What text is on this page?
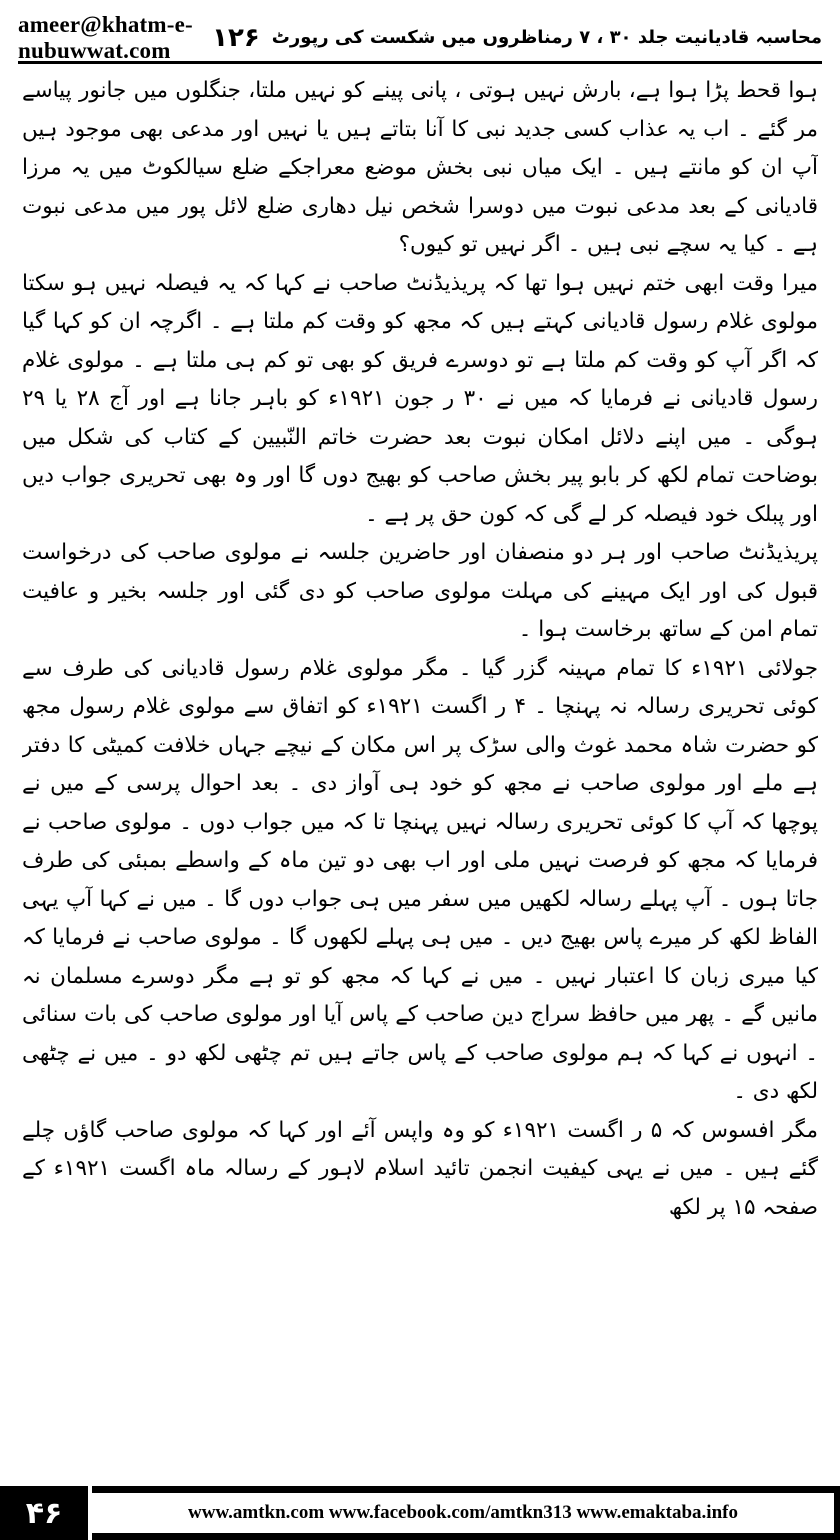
ameer@khatm-e-nubuwwat.com	۱۲۶ محاسبہ قادیانیت جلد ۳۰ ، ۷ رمناظروں میں شکست کی رپورٹ

ہوا قحط پڑا ہوا ہے، بارش نہیں ہوتی ، پانی پینے کو نہیں ملتا، جنگلوں میں جانور پیاسے مر گئے ۔ اب یہ عذاب کسی جدید نبی کا آنا بتاتے ہیں یا نہیں اور مدعی بھی موجود ہیں آپ ان کو مانتے ہیں ۔ ایک میاں نبی بخش موضع معراجکے ضلع سیالکوٹ میں یہ مرزا قادیانی کے بعد مدعی نبوت میں دوسرا شخص نیل دھاری ضلع لائل پور میں مدعی نبوت ہے ۔ کیا یہ سچے نبی ہیں ۔ اگر نہیں تو کیوں؟

میرا وقت ابھی ختم نہیں ہوا تھا کہ پریذیڈنٹ صاحب نے کہا کہ یہ فیصلہ نہیں ہو سکتا مولوی غلام رسول قادیانی کہتے ہیں کہ مجھ کو وقت کم ملتا ہے ۔ اگرچہ ان کو کہا گیا کہ اگر آپ کو وقت کم ملتا ہے تو دوسرے فریق کو بھی تو کم ہی ملتا ہے ۔ مولوی غلام رسول قادیانی نے فرمایا کہ میں نے ۳۰ ر جون ۱۹۲۱ء کو باہر جانا ہے اور آج ۲۸ یا ۲۹ ہوگی ۔ میں اپنے دلائل امکان نبوت بعد حضرت خاتم النّبیین کے کتاب کی شکل میں بوضاحت تمام لکھ کر بابو پیر بخش صاحب کو بھیج دوں گا اور وہ بھی تحریری جواب دیں اور پبلک خود فیصلہ کر لے گی کہ کون حق پر ہے ۔

پریذیڈنٹ صاحب اور ہر دو منصفان اور حاضرین جلسہ نے مولوی صاحب کی درخواست قبول کی اور ایک مہینے کی مہلت مولوی صاحب کو دی گئی اور جلسہ بخیر و عافیت تمام امن کے ساتھ برخاست ہوا ۔

جولائی ۱۹۲۱ء کا تمام مہینہ گزر گیا ۔ مگر مولوی غلام رسول قادیانی کی طرف سے کوئی تحریری رسالہ نہ پہنچا ۔ ۴ ر اگست ۱۹۲۱ء کو اتفاق سے مولوی غلام رسول مجھ کو حضرت شاہ محمد غوث والی سڑک پر اس مکان کے نیچے جہاں خلافت کمیٹی کا دفتر ہے ملے اور مولوی صاحب نے مجھ کو خود ہی آواز دی ۔ بعد احوال پرسی کے میں نے پوچھا کہ آپ کا کوئی تحریری رسالہ نہیں پہنچا تا کہ میں جواب دوں ۔ مولوی صاحب نے فرمایا کہ مجھ کو فرصت نہیں ملی اور اب بھی دو تین ماہ کے واسطے بمبئی کی طرف جاتا ہوں ۔ آپ پہلے رسالہ لکھیں میں سفر میں ہی جواب دوں گا ۔ میں نے کہا آپ یہی الفاظ لکھ کر میرے پاس بھیج دیں ۔ میں ہی پہلے لکھوں گا ۔ مولوی صاحب نے فرمایا کہ کیا میری زبان کا اعتبار نہیں ۔ میں نے کہا کہ مجھ کو تو ہے مگر دوسرے مسلمان نہ مانیں گے ۔ پھر میں حافظ سراج دین صاحب کے پاس آیا اور مولوی صاحب کی بات سنائی ۔ انہوں نے کہا کہ ہم مولوی صاحب کے پاس جاتے ہیں تم چٹھی لکھ دو ۔ میں نے چٹھی لکھ دی ۔

مگر افسوس کہ ۵ ر اگست ۱۹۲۱ء کو وہ واپس آئے اور کہا کہ مولوی صاحب گاؤں چلے گئے ہیں ۔ میں نے یہی کیفیت انجمن تائید اسلام لاہور کے رسالہ ماہ اگست ۱۹۲۱ء کے صفحہ ۱۵ پر لکھ

۴۶	www.amtkn.com www.facebook.com/amtkn313 www.emaktaba.info
